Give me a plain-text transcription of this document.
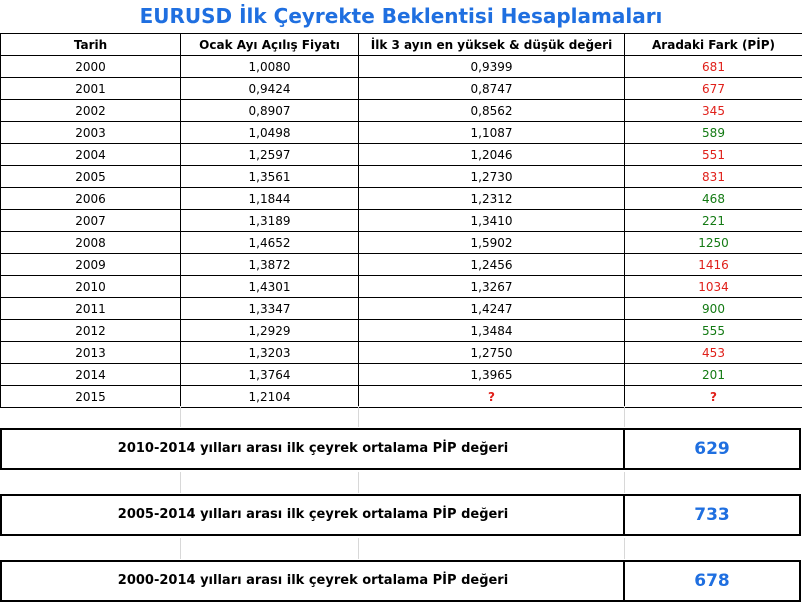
EURUSD İlk Çeyrekte Beklentisi Hesaplamaları
Tarih	Ocak Ayı Açılış Fiyatı	İlk 3 ayın en yüksek & düşük değeri	Aradaki Fark (PİP)
2000	1,0080	0,9399	681
2001	0,9424	0,8747	677
2002	0,8907	0,8562	345
2003	1,0498	1,1087	589
2004	1,2597	1,2046	551
2005	1,3561	1,2730	831
2006	1,1844	1,2312	468
2007	1,3189	1,3410	221
2008	1,4652	1,5902	1250
2009	1,3872	1,2456	1416
2010	1,4301	1,3267	1034
2011	1,3347	1,4247	900
2012	1,2929	1,3484	555
2013	1,3203	1,2750	453
2014	1,3764	1,3965	201
2015	1,2104	?	?
2010-2014 yılları arası ilk çeyrek ortalama PİP değeri	629
2005-2014 yılları arası ilk çeyrek ortalama PİP değeri	733
2000-2014 yılları arası ilk çeyrek ortalama PİP değeri	678
